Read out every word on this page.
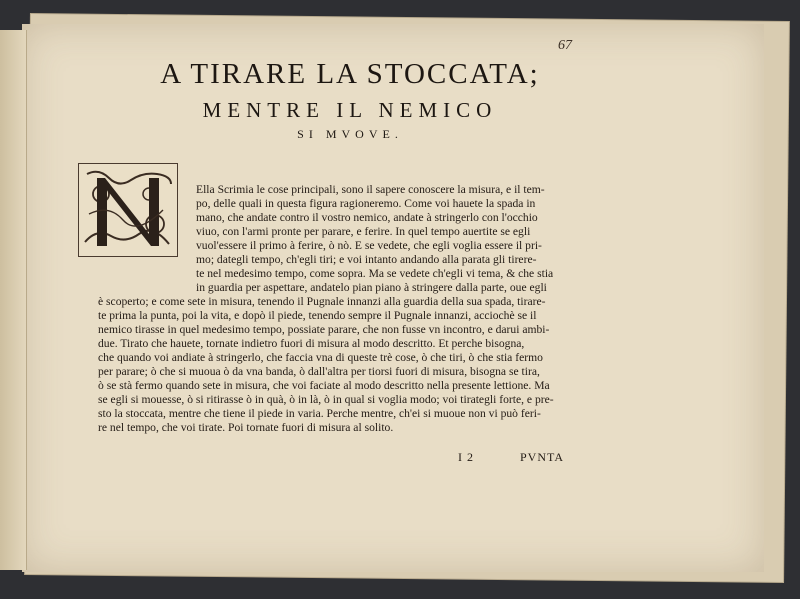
67
A TIRARE LA STOCCATA;
MENTRE IL NEMICO
SI MVOVE.
Ella Scrimia le cose principali, sono il sapere conoscere la misura, e il tem-
po, delle quali in questa figura ragioneremo. Come voi hauete la spada in
mano, che andate contro il vostro nemico, andate à stringerlo con l'occhio
viuo, con l'armi pronte per parare, e ferire. In quel tempo auertite se egli
vuol'essere il primo à ferire, ò nò. E se vedete, che egli voglia essere il pri-
mo; dategli tempo, ch'egli tiri; e voi intanto andando alla parata gli tirere-
te nel medesimo tempo, come sopra. Ma se vedete ch'egli vi tema, & che stia
in guardia per aspettare, andatelo pian piano à stringere dalla parte, oue egli
è scoperto; e come sete in misura, tenendo il Pugnale innanzi alla guardia della sua spada, tirare-
te prima la punta, poi la vita, e dopò il piede, tenendo sempre il Pugnale innanzi, acciochè se il
nemico tirasse in quel medesimo tempo, possiate parare, che non fusse vn incontro, e darui ambi-
due. Tirato che hauete, tornate indietro fuori di misura al modo descritto. Et perche bisogna,
che quando voi andiate à stringerlo, che faccia vna di queste trè cose, ò che tiri, ò che stia fermo
per parare; ò che si muoua ò da vna banda, ò dall'altra per tiorsi fuori di misura, bisogna se tira,
ò se stà fermo quando sete in misura, che voi faciate al modo descritto nella presente lettione. Ma
se egli si mouesse, ò si ritirasse ò in quà, ò in là, ò in qual si voglia modo; voi tirategli forte, e pre-
sto la stoccata, mentre che tiene il piede in varia. Perche mentre, ch'ei si muoue non vi può feri-
re nel tempo, che voi tirate. Poi tornate fuori di misura al solito.
I 2	PVNTA
